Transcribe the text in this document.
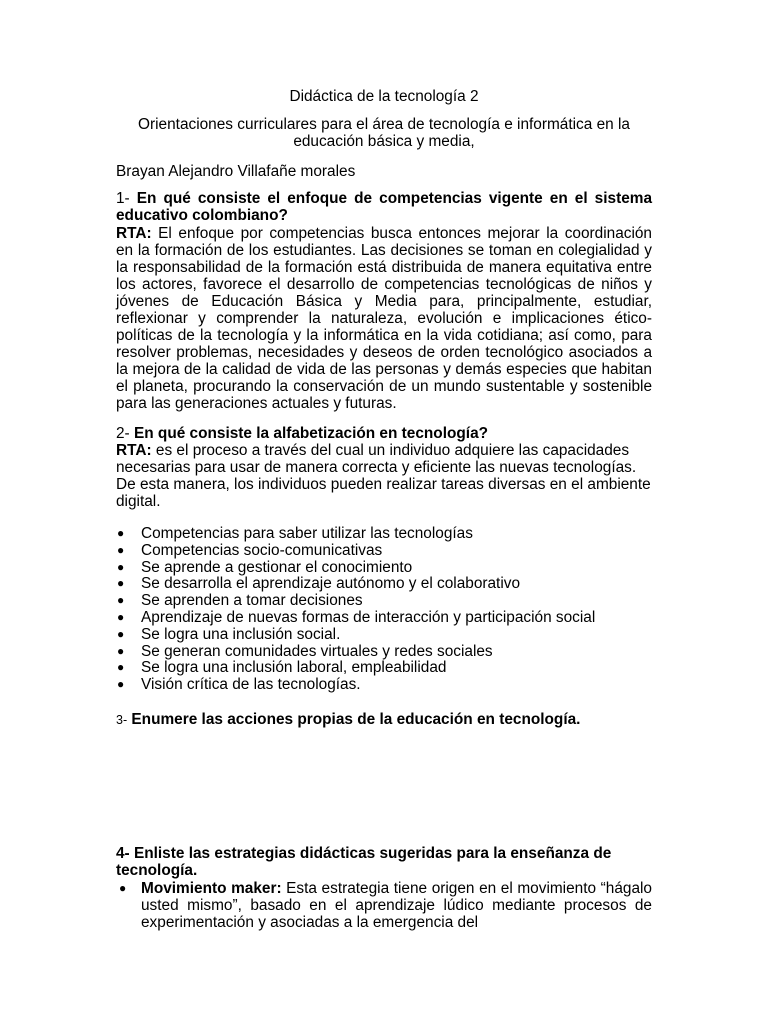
Didáctica de la tecnología 2
Orientaciones curriculares para el área de tecnología e informática en la
educación básica y media,
Brayan Alejandro Villafañe morales
1- En qué consiste el enfoque de competencias vigente en el sistema educativo colombiano?
RTA: El enfoque por competencias busca entonces mejorar la coordinación en la formación de los estudiantes. Las decisiones se toman en colegialidad y la responsabilidad de la formación está distribuida de manera equitativa entre los actores, favorece el desarrollo de competencias tecnológicas de niños y jóvenes de Educación Básica y Media para, principalmente, estudiar, reflexionar y comprender la naturaleza, evolución e implicaciones ético-políticas de la tecnología y la informática en la vida cotidiana; así como, para resolver problemas, necesidades y deseos de orden tecnológico asociados a la mejora de la calidad de vida de las personas y demás especies que habitan el planeta, procurando la conservación de un mundo sustentable y sostenible para las generaciones actuales y futuras.
2- En qué consiste la alfabetización en tecnología?
RTA: es el proceso a través del cual un individuo adquiere las capacidades necesarias para usar de manera correcta y eficiente las nuevas tecnologías. De esta manera, los individuos pueden realizar tareas diversas en el ambiente digital.
● Competencias para saber utilizar las tecnologías
● Competencias socio-comunicativas
● Se aprende a gestionar el conocimiento
● Se desarrolla el aprendizaje autónomo y el colaborativo
● Se aprenden a tomar decisiones
● Aprendizaje de nuevas formas de interacción y participación social
● Se logra una inclusión social.
● Se generan comunidades virtuales y redes sociales
● Se logra una inclusión laboral, empleabilidad
● Visión crítica de las tecnologías.
3- Enumere las acciones propias de la educación en tecnología.
4- Enliste las estrategias didácticas sugeridas para la enseñanza de tecnología.
● Movimiento maker: Esta estrategia tiene origen en el movimiento “hágalo usted mismo”, basado en el aprendizaje lúdico mediante procesos de experimentación y asociadas a la emergencia del
